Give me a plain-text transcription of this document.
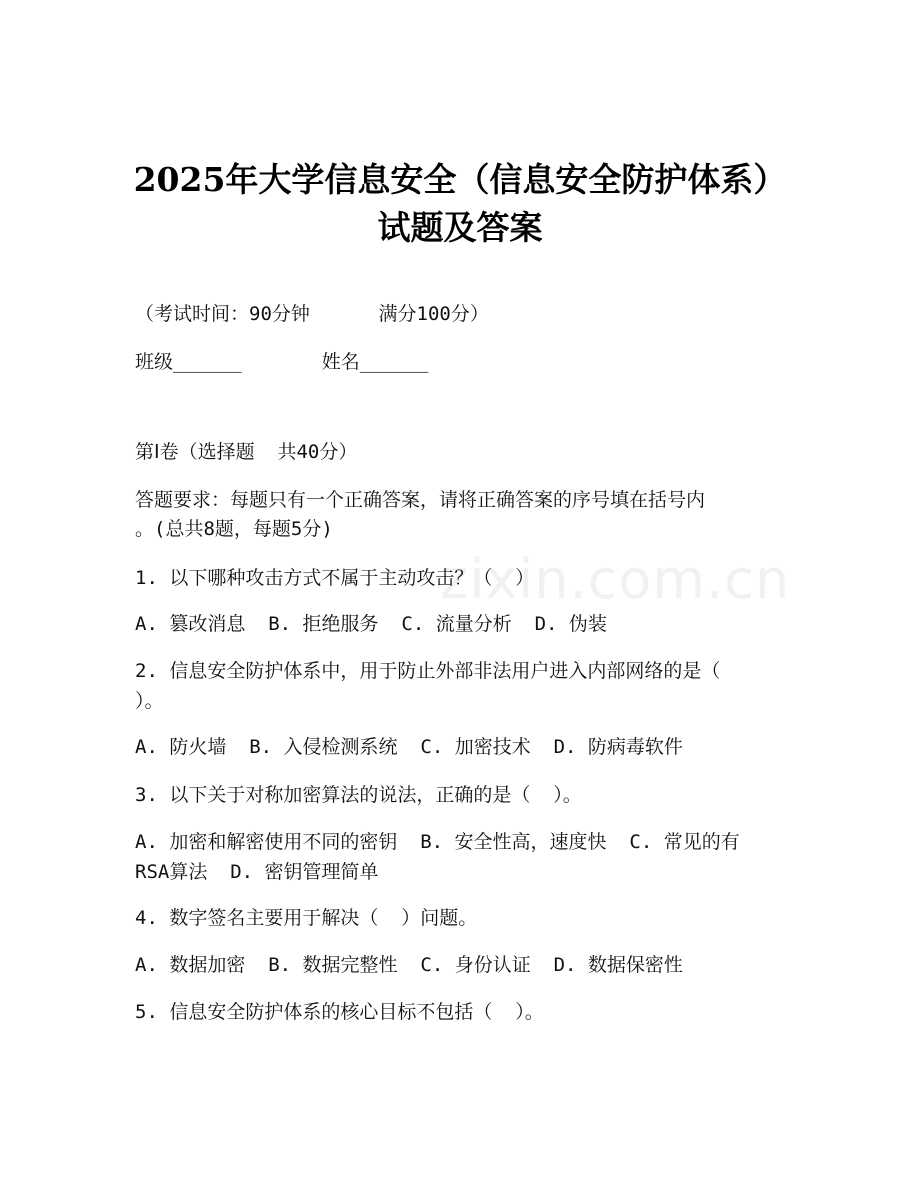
zixin.com.cn
2025年大学信息安全（信息安全防护体系）
试题及答案
（考试时间：90分钟      满分100分）
班级______       姓名______
第Ⅰ卷（选择题  共40分）
答题要求：每题只有一个正确答案，请将正确答案的序号填在括号内
。(总共8题，每题5分)
1. 以下哪种攻击方式不属于主动攻击？（  ）
A. 篡改消息  B. 拒绝服务  C. 流量分析  D. 伪装
2. 信息安全防护体系中，用于防止外部非法用户进入内部网络的是（
）。
A. 防火墙  B. 入侵检测系统  C. 加密技术  D. 防病毒软件
3. 以下关于对称加密算法的说法，正确的是（  ）。
A. 加密和解密使用不同的密钥  B. 安全性高，速度快  C. 常见的有
RSA算法  D. 密钥管理简单
4. 数字签名主要用于解决（  ）问题。
A. 数据加密  B. 数据完整性  C. 身份认证  D. 数据保密性
5. 信息安全防护体系的核心目标不包括（  ）。
